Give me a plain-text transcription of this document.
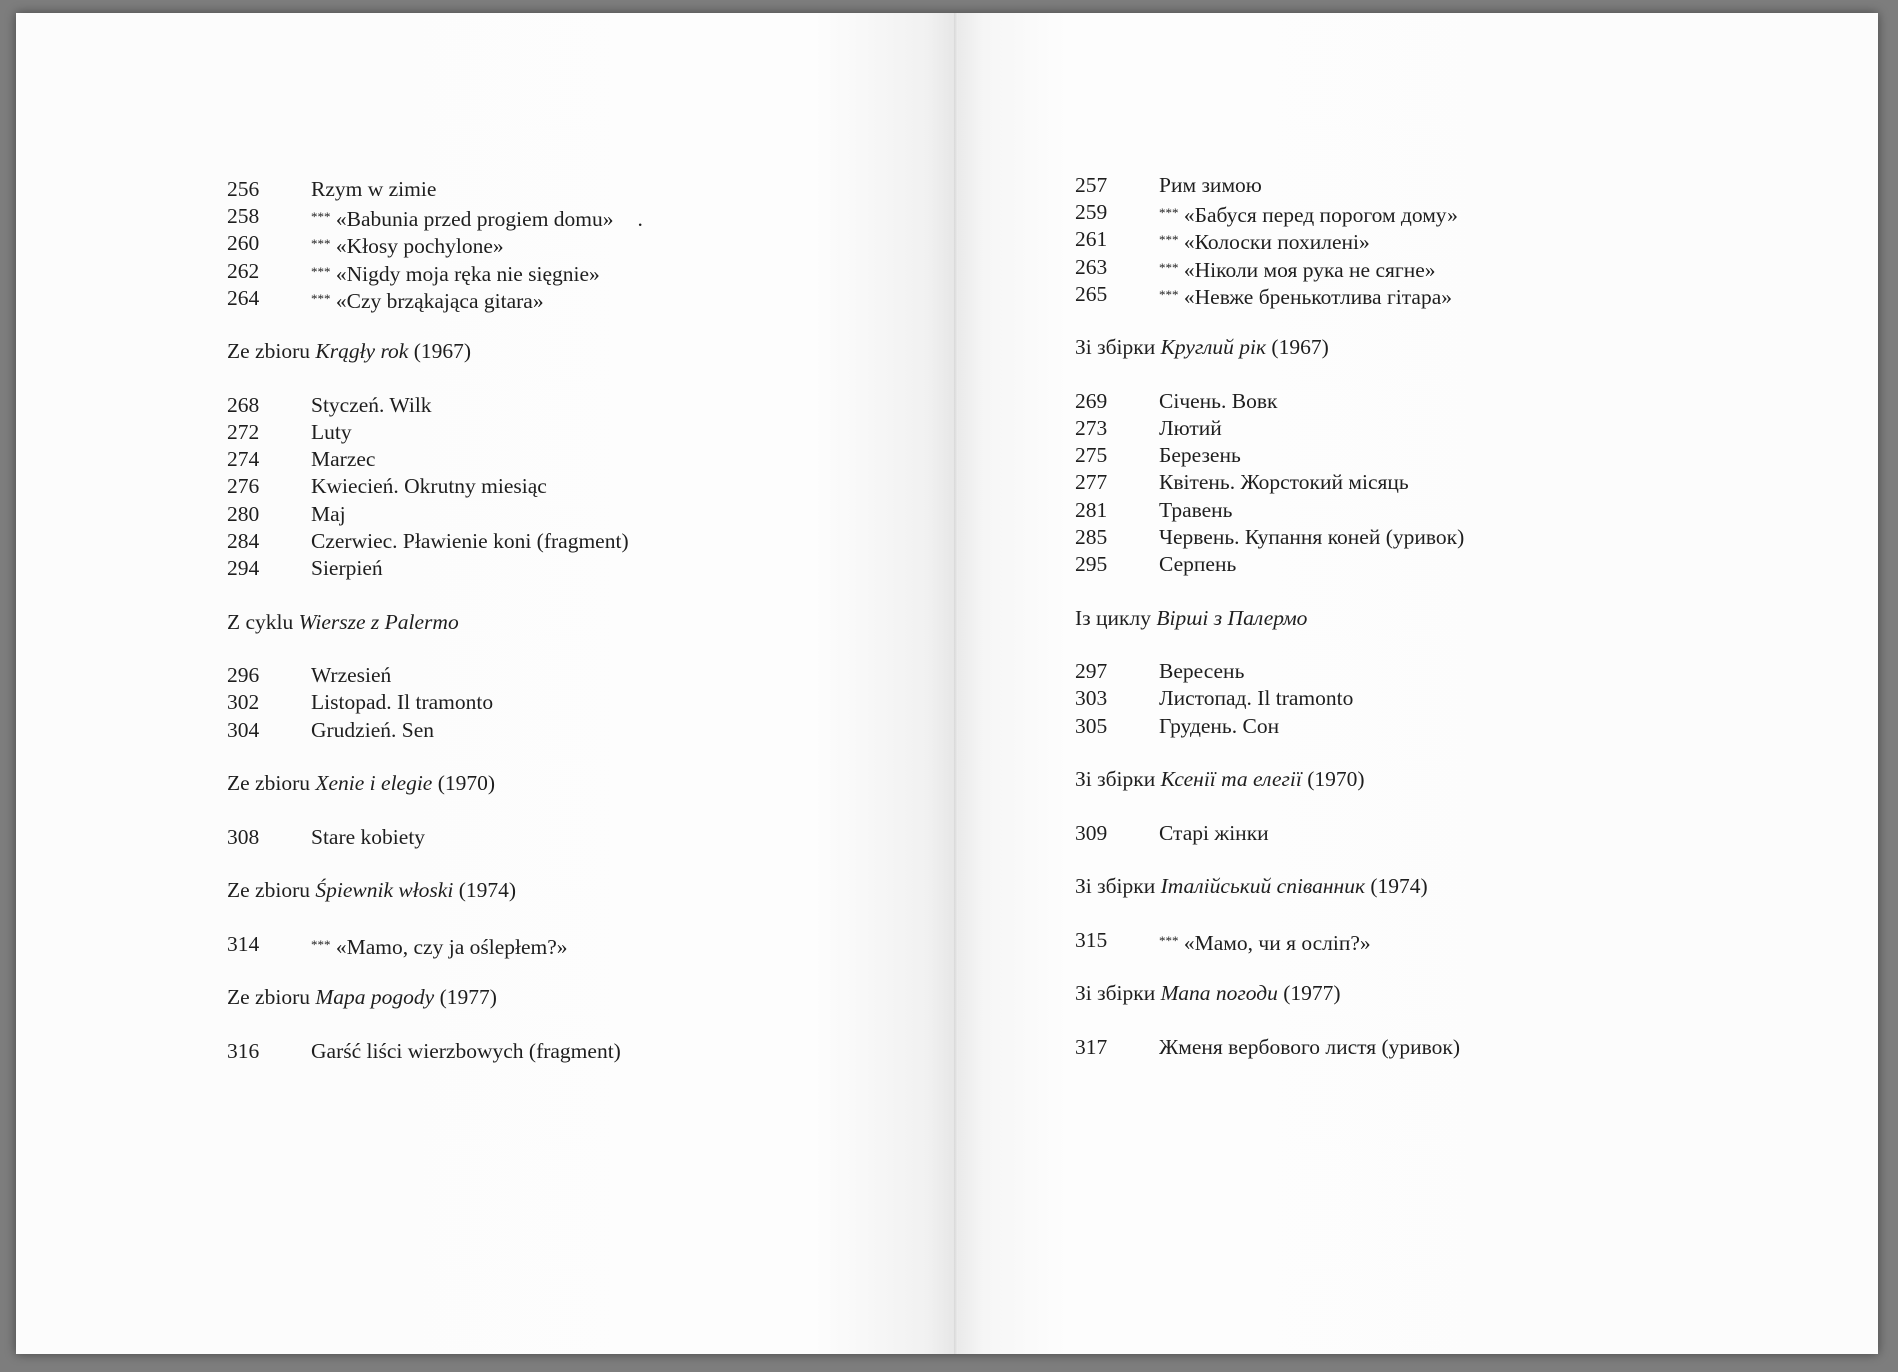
256	Rzym w zimie
258	*** «Babunia przed progiem domu» .
260	*** «Kłosy pochylone»
262	*** «Nigdy moja ręka nie sięgnie»
264	*** «Czy brząkająca gitara»
Ze zbioru Krągły rok (1967)
268	Styczeń. Wilk
272	Luty
274	Marzec
276	Kwiecień. Okrutny miesiąc
280	Maj
284	Czerwiec. Pławienie koni (fragment)
294	Sierpień
Z cyklu Wiersze z Palermo
296	Wrzesień
302	Listopad. Il tramonto
304	Grudzień. Sen
Ze zbioru Xenie i elegie (1970)
308	Stare kobiety
Ze zbioru Śpiewnik włoski (1974)
314	*** «Mamo, czy ja oślepłem?»
Ze zbioru Mapa pogody (1977)
316	Garść liści wierzbowych (fragment)
257	Рим зимою
259	*** «Бабуся перед порогом дому»
261	*** «Колоски похилені»
263	*** «Ніколи моя рука не сягне»
265	*** «Невже бренькотлива гітара»
Зі збірки Круглий рік (1967)
269	Січень. Вовк
273	Лютий
275	Березень
277	Квітень. Жорстокий місяць
281	Травень
285	Червень. Купання коней (уривок)
295	Серпень
Із циклу Вірші з Палермо
297	Вересень
303	Листопад. Il tramonto
305	Грудень. Сон
Зі збірки Ксенії та елегії (1970)
309	Старі жінки
Зі збірки Італійський співанник (1974)
315	*** «Мамо, чи я осліп?»
Зі збірки Мапа погоди (1977)
317	Жменя вербового листя (уривок)
